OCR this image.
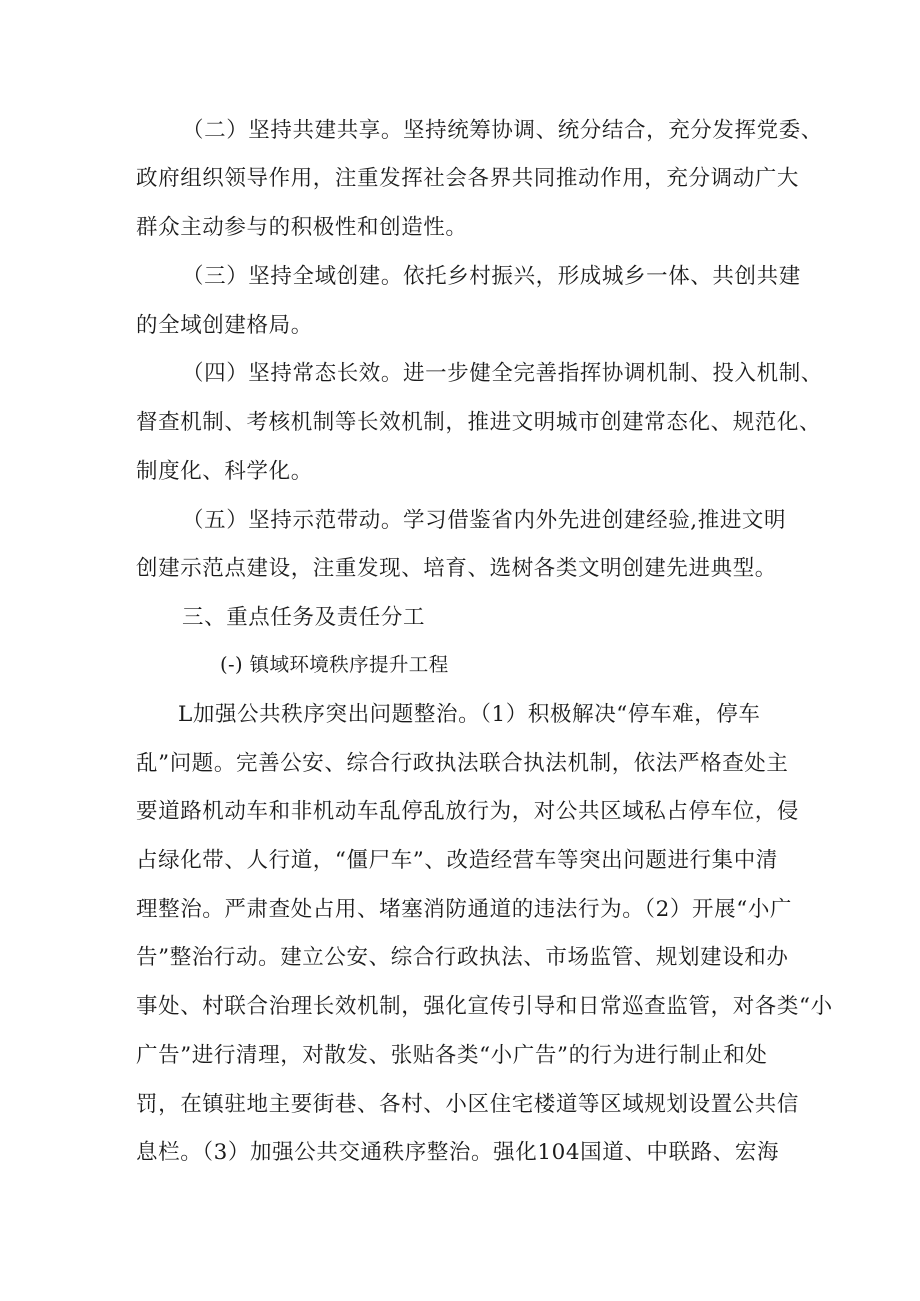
（二）坚持共建共享。坚持统筹协调、统分结合，充分发挥党委、
政府组织领导作用，注重发挥社会各界共同推动作用，充分调动广大
群众主动参与的积极性和创造性。
（三）坚持全域创建。依托乡村振兴，形成城乡一体、共创共建
的全域创建格局。
（四）坚持常态长效。进一步健全完善指挥协调机制、投入机制、
督查机制、考核机制等长效机制，推进文明城市创建常态化、规范化、
制度化、科学化。
（五）坚持示范带动。学习借鉴省内外先进创建经验,推进文明
创建示范点建设，注重发现、培育、选树各类文明创建先进典型。
三、重点任务及责任分工
(-) 镇域环境秩序提升工程
L加强公共秩序突出问题整治。（1）积极解决“停车难，停车
乱”问题。完善公安、综合行政执法联合执法机制，依法严格查处主
要道路机动车和非机动车乱停乱放行为，对公共区域私占停车位，侵
占绿化带、人行道，“僵尸车”、改造经营车等突出问题进行集中清
理整治。严肃查处占用、堵塞消防通道的违法行为。（2）开展“小广
告”整治行动。建立公安、综合行政执法、市场监管、规划建设和办
事处、村联合治理长效机制，强化宣传引导和日常巡查监管，对各类“小
广告”进行清理，对散发、张贴各类“小广告”的行为进行制止和处
罚，在镇驻地主要街巷、各村、小区住宅楼道等区域规划设置公共信
息栏。（3）加强公共交通秩序整治。强化104国道、中联路、宏海
